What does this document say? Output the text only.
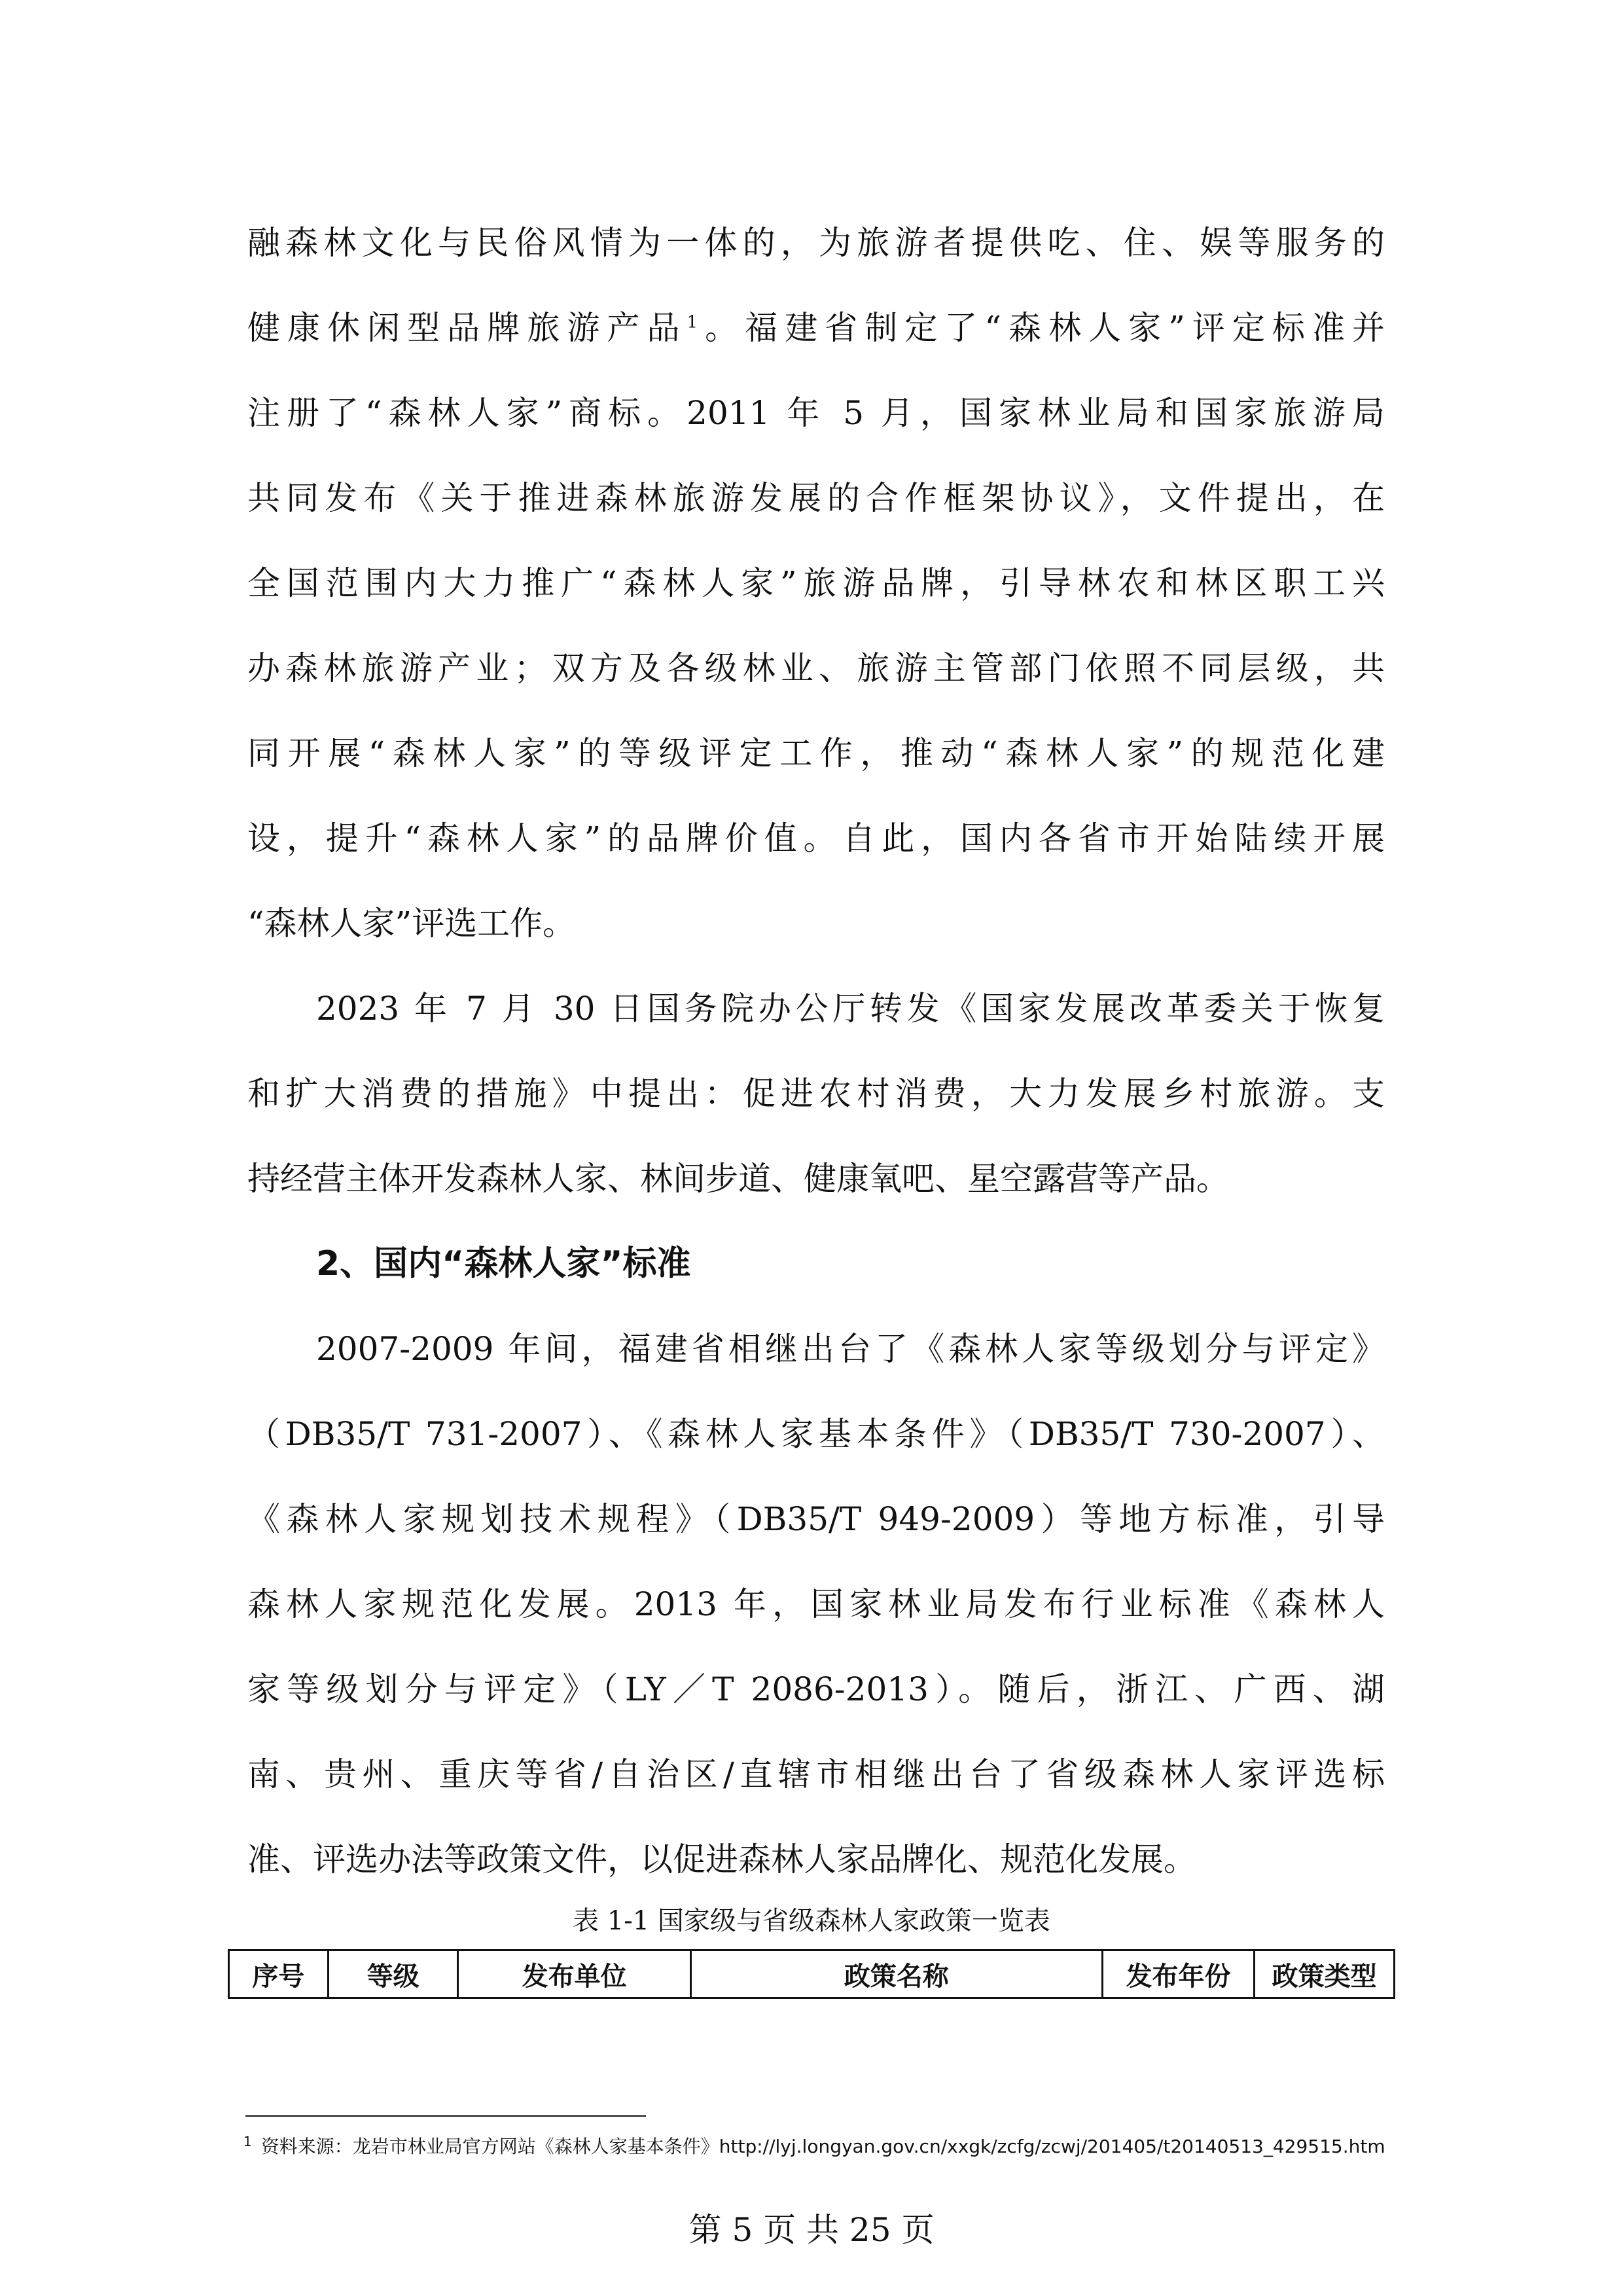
融森林文化与民俗风情为一体的，为旅游者提供吃、住、娱等服务的
健康休闲型品牌旅游产品$^1$。福建省制定了“森林人家”评定标准并
注册了“森林人家”商标。2011 年 5 月，国家林业局和国家旅游局
共同发布《关于推进森林旅游发展的合作框架协议》，文件提出，在
全国范围内大力推广“森林人家”旅游品牌，引导林农和林区职工兴
办森林旅游产业；双方及各级林业、旅游主管部门依照不同层级，共
同开展“森林人家”的等级评定工作，推动“森林人家”的规范化建
设，提升“森林人家”的品牌价值。自此，国内各省市开始陆续开展
“森林人家”评选工作。
2023 年 7 月 30 日国务院办公厅转发《国家发展改革委关于恢复
和扩大消费的措施》中提出：促进农村消费，大力发展乡村旅游。支
持经营主体开发森林人家、林间步道、健康氧吧、星空露营等产品。
2、国内“森林人家”标准
2007-2009 年间，福建省相继出台了《森林人家等级划分与评定》
（DB35/T 731-2007）、《森林人家基本条件》（DB35/T 730-2007）、
《森林人家规划技术规程》（DB35/T 949-2009）等地方标准，引导
森林人家规范化发展。2013 年，国家林业局发布行业标准《森林人
家等级划分与评定》（LY／T 2086-2013）。随后，浙江、广西、湖
南、贵州、重庆等省/自治区/直辖市相继出台了省级森林人家评选标
准、评选办法等政策文件，以促进森林人家品牌化、规范化发展。
表 1-1 国家级与省级森林人家政策一览表
序号	等级	发布单位	政策名称	发布年份	政策类型
$^1$ 资料来源：龙岩市林业局官方网站《森林人家基本条件》http://lyj.longyan.gov.cn/xxgk/zcfg/zcwj/201405/t20140513_429515.htm
第 5 页 共 25 页
